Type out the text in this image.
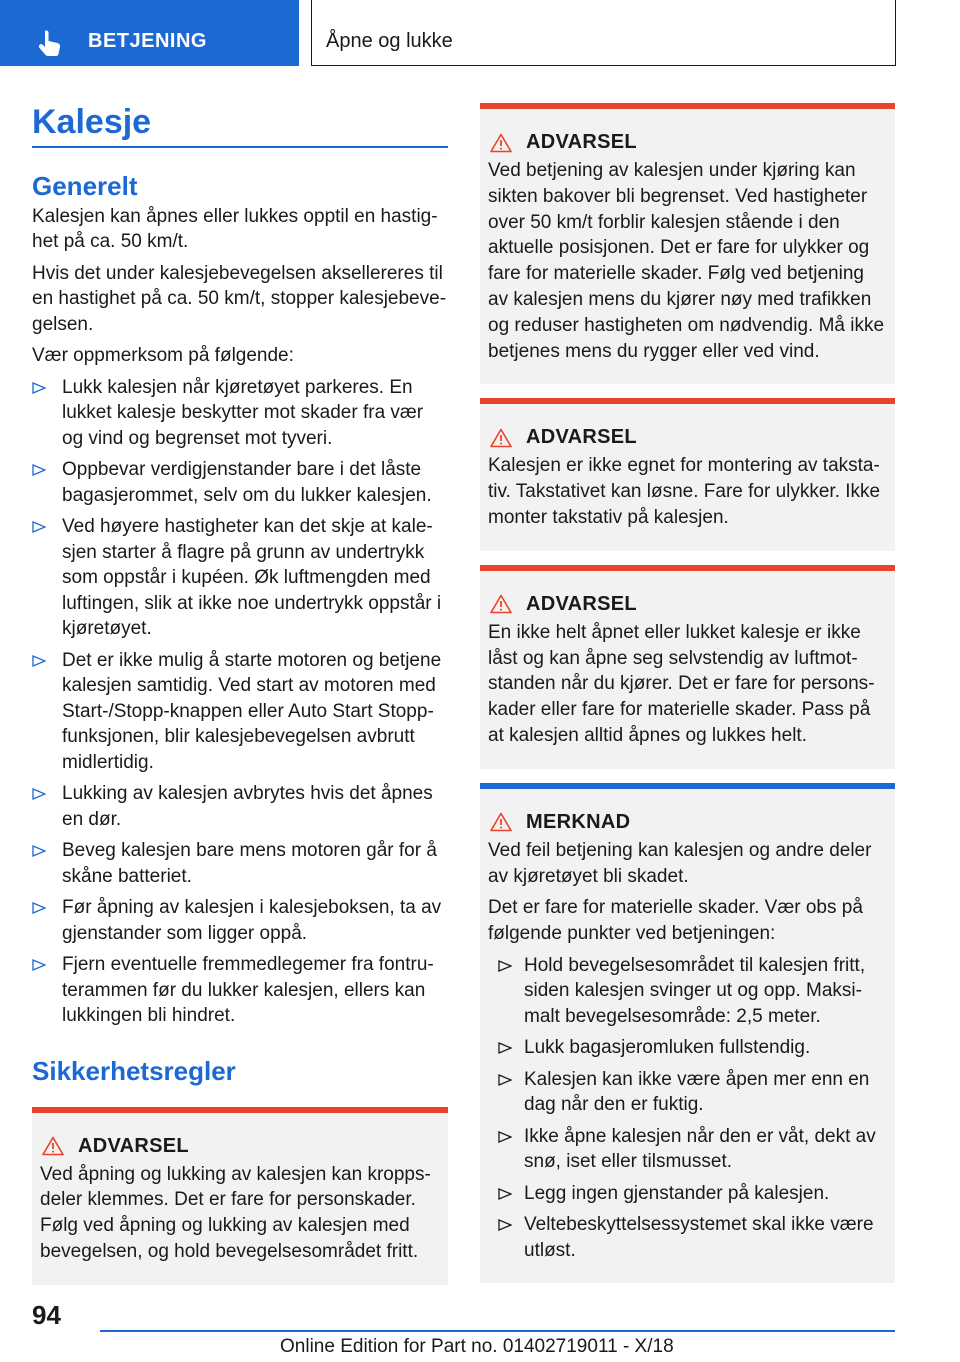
BETJENING	Åpne og lukke
Kalesje
Generelt

Kalesjen kan åpnes eller lukkes opptil en hastighet på ca. 50 km/t.

Hvis det under kalesjebevegelsen aksellereres til en hastighet på ca. 50 km/t, stopper kalesjebevegelsen.

Vær oppmerksom på følgende:

Lukk kalesjen når kjøretøyet parkeres. En lukket kalesje beskytter mot skader fra vær og vind og begrenset mot tyveri.
Oppbevar verdigjenstander bare i det låste bagasjerommet, selv om du lukker kalesjen.
Ved høyere hastigheter kan det skje at kalesjen starter å flagre på grunn av undertrykk som oppstår i kupéen. Øk luftmengden med luftingen, slik at ikke noe undertrykk oppstår i kjøretøyet.
Det er ikke mulig å starte motoren og betjene kalesjen samtidig. Ved start av motoren med Start-/Stopp-knappen eller Auto Start Stopp-funksjonen, blir kalesjebevegelsen avbrutt midlertidig.
Lukking av kalesjen avbrytes hvis det åpnes en dør.
Beveg kalesjen bare mens motoren går for å skåne batteriet.
Før åpning av kalesjen i kalesjeboksen, ta av gjenstander som ligger oppå.
Fjern eventuelle fremmedlegemer fra fontruterammen før du lukker kalesjen, ellers kan lukkingen bli hindret.
Sikkerhetsregler
ADVARSEL

Ved åpning og lukking av kalesjen kan kroppsdeler klemmes. Det er fare for personskader. Følg ved åpning og lukking av kalesjen med bevegelsen, og hold bevegelsesområdet fritt.

ADVARSEL

Ved betjening av kalesjen under kjøring kan sikten bakover bli begrenset. Ved hastigheter over 50 km/t forblir kalesjen stående i den aktuelle posisjonen. Det er fare for ulykker og fare for materielle skader. Følg ved betjening av kalesjen mens du kjører nøy med trafikken og reduser hastigheten om nødvendig. Må ikke betjenes mens du rygger eller ved vind.

ADVARSEL

Kalesjen er ikke egnet for montering av takstativ. Takstativet kan løsne. Fare for ulykker. Ikke monter takstativ på kalesjen.

ADVARSEL

En ikke helt åpnet eller lukket kalesje er ikke låst og kan åpne seg selvstendig av luftmotstanden når du kjører. Det er fare for personskader eller fare for materielle skader. Pass på at kalesjen alltid åpnes og lukkes helt.

MERKNAD

Ved feil betjening kan kalesjen og andre deler av kjøretøyet bli skadet.

Det er fare for materielle skader. Vær obs på følgende punkter ved betjeningen:

Hold bevegelsesområdet til kalesjen fritt, siden kalesjen svinger ut og opp. Maksimalt bevegelsesområde: 2,5 meter.
Lukk bagasjeromluken fullstendig.
Kalesjen kan ikke være åpen mer enn en dag når den er fuktig.
Ikke åpne kalesjen når den er våt, dekt av snø, iset eller tilsmusset.
Legg ingen gjenstander på kalesjen.
Veltebeskyttelsessystemet skal ikke være utløst.
94
Online Edition for Part no. 01402719011 - X/18
